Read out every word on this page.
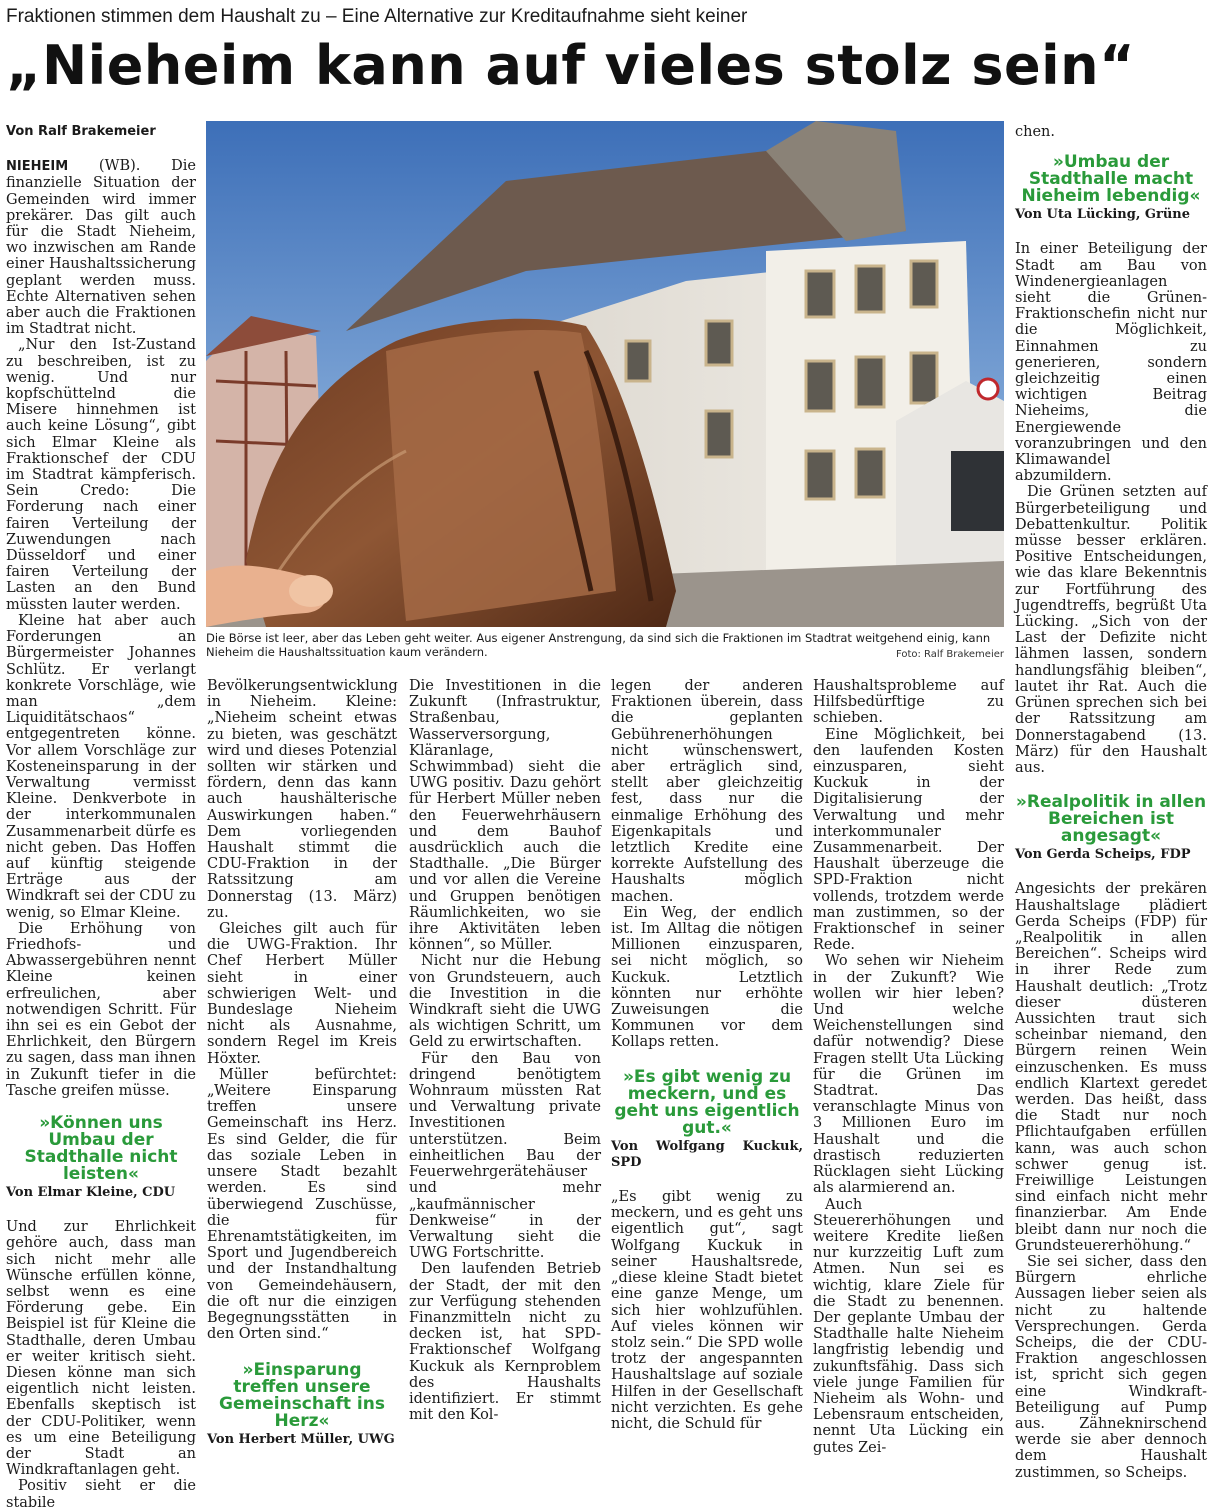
Fraktionen stimmen dem Haushalt zu – Eine Alternative zur Kreditaufnahme sieht keiner
„Nieheim kann auf vieles stolz sein“
Von Ralf Brakemeier

NIEHEIM (WB). Die finanzielle Situation der Gemeinden wird immer prekärer. Das gilt auch für die Stadt Nieheim, wo inzwischen am Rande einer Haushaltssicherung geplant werden muss. Echte Alternativen sehen aber auch die Fraktionen im Stadtrat nicht.

„Nur den Ist-Zustand zu beschreiben, ist zu wenig. Und nur kopfschüttelnd die Misere hinnehmen ist auch keine Lösung“, gibt sich Elmar Kleine als Fraktionschef der CDU im Stadtrat kämpferisch. Sein Credo: Die Forderung nach einer fairen Verteilung der Zuwendungen nach Düsseldorf und einer fairen Verteilung der Lasten an den Bund müssten lauter werden.

Kleine hat aber auch Forderungen an Bürgermeister Johannes Schlütz. Er verlangt konkrete Vorschläge, wie man „dem Liquiditätschaos“ entgegentreten könne. Vor allem Vorschläge zur Kosteneinsparung in der Verwaltung vermisst Kleine. Denkverbote in der interkommunalen Zusammenarbeit dürfe es nicht geben. Das Hoffen auf künftig steigende Erträge aus der Windkraft sei der CDU zu wenig, so Elmar Kleine.

Die Erhöhung von Friedhofs- und Abwassergebühren nennt Kleine keinen erfreulichen, aber notwendigen Schritt. Für ihn sei es ein Gebot der Ehrlichkeit, den Bürgern zu sagen, dass man ihnen in Zukunft tiefer in die Tasche greifen müsse.

»Können uns Umbau der Stadthalle nicht leisten«
Von Elmar Kleine, CDU

Und zur Ehrlichkeit gehöre auch, dass man sich nicht mehr alle Wünsche erfüllen könne, selbst wenn es eine Förderung gebe. Ein Beispiel ist für Kleine die Stadthalle, deren Umbau er weiter kritisch sieht. Diesen könne man sich eigentlich nicht leisten. Ebenfalls skeptisch ist der CDU-Politiker, wenn es um eine Beteiligung der Stadt an Windkraftanlagen geht.

Positiv sieht er die stabile

Die Börse ist leer, aber das Leben geht weiter. Aus eigener Anstrengung, da sind sich die Fraktionen im Stadtrat weitgehend einig, kann Nieheim die Haushaltssituation kaum verändern.	Foto: Ralf Brakemeier

Bevölkerungsentwicklung in Nieheim. Kleine: „Nieheim scheint etwas zu bieten, was geschätzt wird und dieses Potenzial sollten wir stärken und fördern, denn das kann auch haushälterische Auswirkungen haben.“ Dem vorliegenden Haushalt stimmt die CDU-Fraktion in der Ratssitzung am Donnerstag (13. März) zu.

Gleiches gilt auch für die UWG-Fraktion. Ihr Chef Herbert Müller sieht in einer schwierigen Welt- und Bundeslage Nieheim nicht als Ausnahme, sondern Regel im Kreis Höxter.

Müller befürchtet: „Weitere Einsparung treffen unsere Gemeinschaft ins Herz. Es sind Gelder, die für das soziale Leben in unsere Stadt bezahlt werden. Es sind überwiegend Zuschüsse, die für Ehrenamtstätigkeiten, im Sport und Jugendbereich und der Instandhaltung von Gemeindehäusern, die oft nur die einzigen Begegnungsstätten in den Orten sind.“

»Einsparung treffen unsere Gemeinschaft ins Herz«
Von Herbert Müller, UWG

Die Investitionen in die Zukunft (Infrastruktur, Straßenbau, Wasserversorgung, Kläranlage, Schwimmbad) sieht die UWG positiv. Dazu gehört für Herbert Müller neben den Feuerwehrhäusern und dem Bauhof ausdrücklich auch die Stadthalle. „Die Bürger und vor allen die Vereine und Gruppen benötigen Räumlichkeiten, wo sie ihre Aktivitäten leben können“, so Müller.

Nicht nur die Hebung von Grundsteuern, auch die Investition in die Windkraft sieht die UWG als wichtigen Schritt, um Geld zu erwirtschaften.

Für den Bau von dringend benötigtem Wohnraum müssten Rat und Verwaltung private Investitionen unterstützen. Beim einheitlichen Bau der Feuerwehrgerätehäuser und mehr „kaufmännischer Denkweise“ in der Verwaltung sieht die UWG Fortschritte.

Den laufenden Betrieb der Stadt, der mit den zur Verfügung stehenden Finanzmitteln nicht zu decken ist, hat SPD-Fraktionschef Wolfgang Kuckuk als Kernproblem des Haushalts identifiziert. Er stimmt mit den Kol-

legen der anderen Fraktionen überein, dass die geplanten Gebührenerhöhungen nicht wünschenswert, aber erträglich sind, stellt aber gleichzeitig fest, dass nur die einmalige Erhöhung des Eigenkapitals und letztlich Kredite eine korrekte Aufstellung des Haushalts möglich machen.

Ein Weg, der endlich ist. Im Alltag die nötigen Millionen einzusparen, sei nicht möglich, so Kuckuk. Letztlich könnten nur erhöhte Zuweisungen die Kommunen vor dem Kollaps retten.

»Es gibt wenig zu meckern, und es geht uns eigentlich gut.«
Von Wolfgang Kuckuk, SPD

„Es gibt wenig zu meckern, und es geht uns eigentlich gut“, sagt Wolfgang Kuckuk in seiner Haushaltsrede, „diese kleine Stadt bietet eine ganze Menge, um sich hier wohlzufühlen. Auf vieles können wir stolz sein.“ Die SPD wolle trotz der angespannten Haushaltslage auf soziale Hilfen in der Gesellschaft nicht verzichten. Es gehe nicht, die Schuld für

Haushaltsprobleme auf Hilfsbedürftige zu schieben.

Eine Möglichkeit, bei den laufenden Kosten einzusparen, sieht Kuckuk in der Digitalisierung der Verwaltung und mehr interkommunaler Zusammenarbeit. Der Haushalt überzeuge die SPD-Fraktion nicht vollends, trotzdem werde man zustimmen, so der Fraktionschef in seiner Rede.

Wo sehen wir Nieheim in der Zukunft? Wie wollen wir hier leben? Und welche Weichenstellungen sind dafür notwendig? Diese Fragen stellt Uta Lücking für die Grünen im Stadtrat. Das veranschlagte Minus von 3 Millionen Euro im Haushalt und die drastisch reduzierten Rücklagen sieht Lücking als alarmierend an.

Auch Steuererhöhungen und weitere Kredite ließen nur kurzzeitig Luft zum Atmen. Nun sei es wichtig, klare Ziele für die Stadt zu benennen. Der geplante Umbau der Stadthalle halte Nieheim langfristig lebendig und zukunftsfähig. Dass sich viele junge Familien für Nieheim als Wohn- und Lebensraum entscheiden, nennt Uta Lücking ein gutes Zei-

chen.

»Umbau der Stadthalle macht Nieheim lebendig«
Von Uta Lücking, Grüne

In einer Beteiligung der Stadt am Bau von Windenergieanlagen sieht die Grünen-Fraktionschefin nicht nur die Möglichkeit, Einnahmen zu generieren, sondern gleichzeitig einen wichtigen Beitrag Nieheims, die Energiewende voranzubringen und den Klimawandel abzumildern.

Die Grünen setzten auf Bürgerbeteiligung und Debattenkultur. Politik müsse besser erklären. Positive Entscheidungen, wie das klare Bekenntnis zur Fortführung des Jugendtreffs, begrüßt Uta Lücking. „Sich von der Last der Defizite nicht lähmen lassen, sondern handlungsfähig bleiben“, lautet ihr Rat. Auch die Grünen sprechen sich bei der Ratssitzung am Donnerstagabend (13. März) für den Haushalt aus.

»Realpolitik in allen Bereichen ist angesagt«
Von Gerda Scheips, FDP

Angesichts der prekären Haushaltslage plädiert Gerda Scheips (FDP) für „Realpolitik in allen Bereichen“. Scheips wird in ihrer Rede zum Haushalt deutlich: „Trotz dieser düsteren Aussichten traut sich scheinbar niemand, den Bürgern reinen Wein einzuschenken. Es muss endlich Klartext geredet werden. Das heißt, dass die Stadt nur noch Pflichtaufgaben erfüllen kann, was auch schon schwer genug ist. Freiwillige Leistungen sind einfach nicht mehr finanzierbar. Am Ende bleibt dann nur noch die Grundsteuererhöhung.“

Sie sei sicher, dass den Bürgern ehrliche Aussagen lieber seien als nicht zu haltende Versprechungen. Gerda Scheips, die der CDU-Fraktion angeschlossen ist, spricht sich gegen eine Windkraft-Beteiligung auf Pump aus. Zähneknirschend werde sie aber dennoch dem Haushalt zustimmen, so Scheips.
